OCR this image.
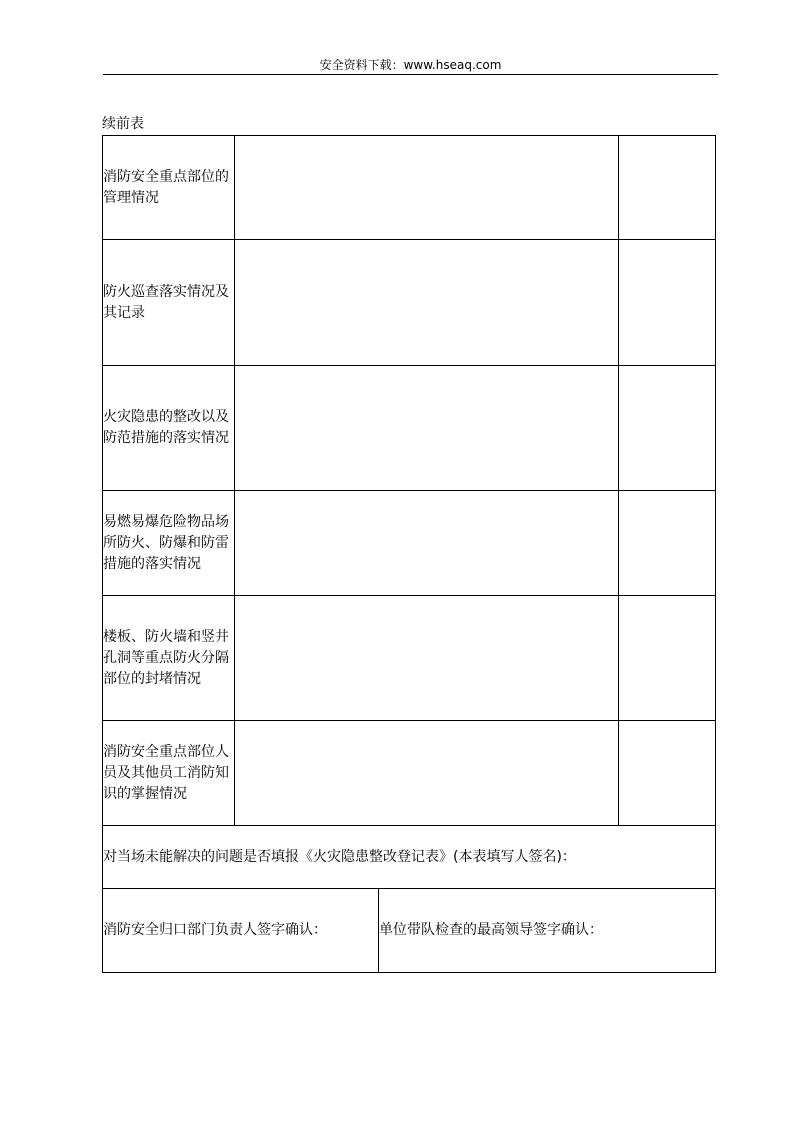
安全资料下载：www.hseaq.com
续前表
消防安全重点部位的管理情况			
防火巡查落实情况及其记录			
火灾隐患的整改以及防范措施的落实情况			
易燃易爆危险物品场所防火、防爆和防雷措施的落实情况			
楼板、防火墙和竖井孔洞等重点防火分隔部位的封堵情况			
消防安全重点部位人员及其他员工消防知识的掌握情况			
对当场未能解决的问题是否填报《火灾隐患整改登记表》(本表填写人签名)：			
消防安全归口部门负责人签字确认：		单位带队检查的最高领导签字确认：	
